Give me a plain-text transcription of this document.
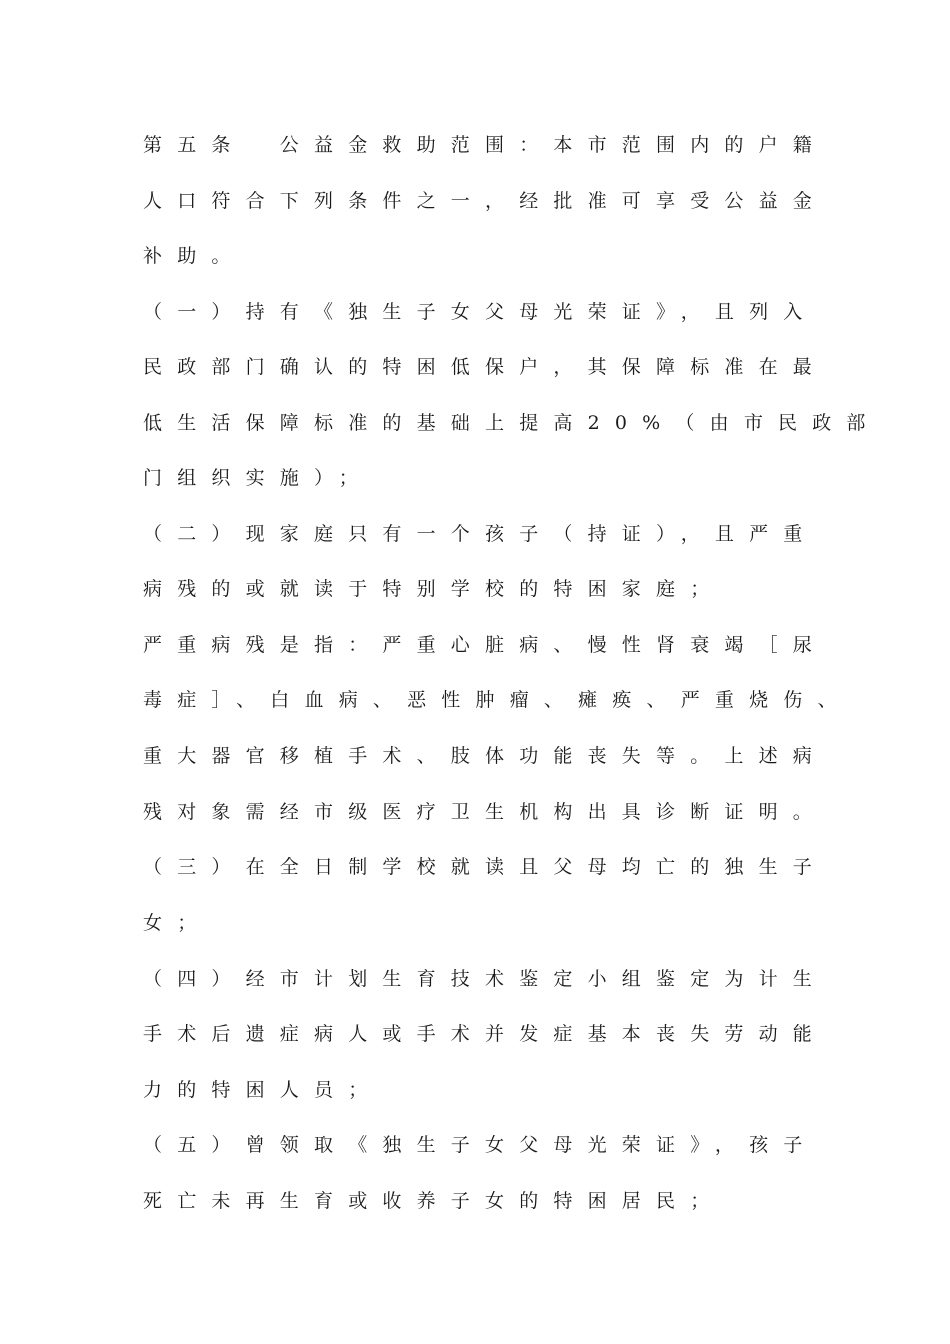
第五条　公益金救助范围：本市范围内的户籍
人口符合下列条件之一，经批准可享受公益金
补助。
（一）持有《独生子女父母光荣证》，且列入
民政部门确认的特困低保户，其保障标准在最
低生活保障标准的基础上提高20%（由市民政部
门组织实施）；
（二）现家庭只有一个孩子（持证），且严重
病残的或就读于特别学校的特困家庭；
严重病残是指：严重心脏病、慢性肾衰竭［尿
毒症］、白血病、恶性肿瘤、瘫痪、严重烧伤、
重大器官移植手术、肢体功能丧失等。上述病
残对象需经市级医疗卫生机构出具诊断证明。
（三）在全日制学校就读且父母均亡的独生子
女；
（四）经市计划生育技术鉴定小组鉴定为计生
手术后遗症病人或手术并发症基本丧失劳动能
力的特困人员；
（五）曾领取《独生子女父母光荣证》，孩子
死亡未再生育或收养子女的特困居民；
